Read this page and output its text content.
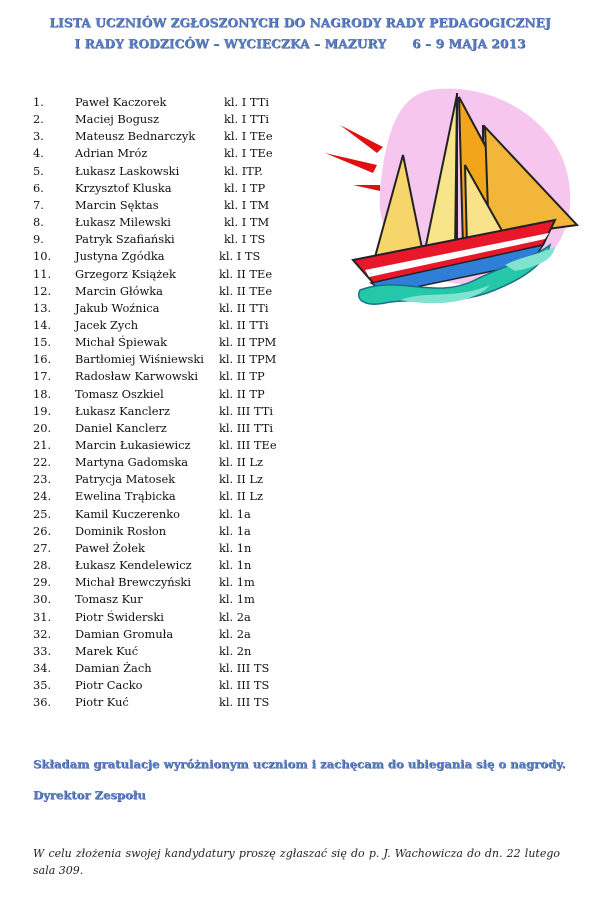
LISTA UCZNIÓW ZGŁOSZONYCH DO NAGRODY RADY PEDAGOGICZNEJ
I RADY RODZICÓW – WYCIECZKA – MAZURY 6 – 9 MAJA 2013
1.	Paweł Kaczorek	kl. I TTi
2.	Maciej Bogusz	kl. I TTi
3.	Mateusz Bednarczyk	kl. I TEe
4.	Adrian Mróz	kl. I TEe
5.	Łukasz Laskowski	kl. ITP.
6.	Krzysztof Kluska	kl. I TP
7.	Marcin Sęktas	kl. I TM
8.	Łukasz Milewski	kl. I TM
9.	Patryk Szafiański	kl. I TS
10. Justyna Zgódka	kl. I TS
11. Grzegorz Książek	kl. II TEe
12. Marcin Główka	kl. II TEe
13. Jakub Woźnica	kl. II TTi
14. Jacek Zych	kl. II TTi
15. Michał Śpiewak	kl. II TPM
16. Bartłomiej Wiśniewski kl. II TPM
17. Radosław Karwowski kl. II TP
18. Tomasz Oszkiel	kl. II TP
19. Łukasz Kanclerz	kl. III TTi
20. Daniel Kanclerz	kl. III TTi
21. Marcin Łukasiewicz kl. III TEe
22. Martyna Gadomska	kl. II Lz
23. Patrycja Matosek	kl. II Lz
24. Ewelina Trąbicka	kl. II Lz
25. Kamil Kuczerenko	kl. 1a
26. Dominik Rosłon	kl. 1a
27. Paweł Żołek	kl. 1n
28. Łukasz Kendelewicz kl. 1n
29. Michał Brewczyński kl. 1m
30. Tomasz Kur	kl. 1m
31. Piotr Świderski	kl. 2a
32. Damian Gromuła	kl. 2a
33. Marek Kuć	kl. 2n
34. Damian Żach	kl. III TS
35. Piotr Cacko	kl. III TS
36. Piotr Kuć	kl. III TS
Składam gratulacje wyróżnionym uczniom i zachęcam do ubiegania się o nagrody.
Dyrektor Zespołu
W celu złożenia swojej kandydatury proszę zgłaszać się do p. J. Wachowicza do dn. 22 lutego sala 309.
